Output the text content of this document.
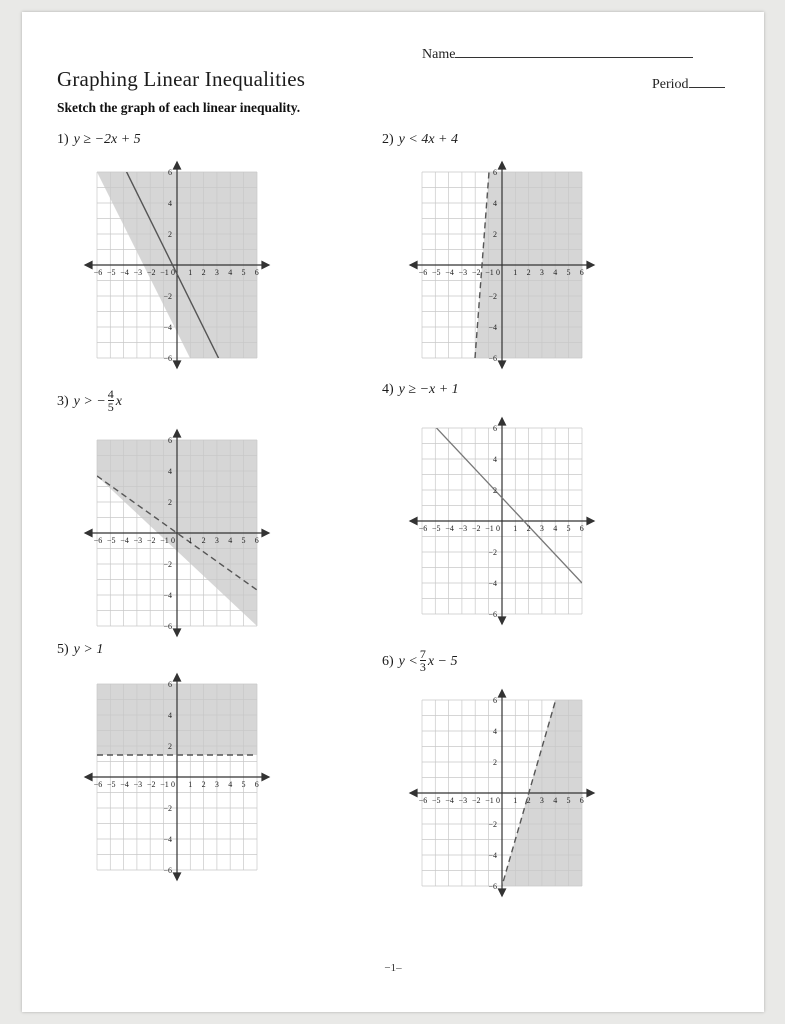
Name
Period
Graphing Linear Inequalities
Sketch the graph of each linear inequality.
1) y ≥ −2x + 5
−6 −5 −4 −3 −2 −1 0 1 2 3 4 5 6
6
4
2
−2
−4
−6
2) y < 4x + 4
−6 −5 −4 −3 −2 −1 0 1 2 3 4 5 6
6
4
2
−2
−4
−6
3) y > − $\frac{4}{5}$ x
−6 −5 −4 −3 −2 −1 0 1 2 3 4 5 6
6
4
2
−2
−4
−6
4) y ≥ −x + 1
−6 −5 −4 −3 −2 −1 0 1 2 3 4 5 6
6
4
2
−2
−4
−6
5) y > 1
−6 −5 −4 −3 −2 −1 0 1 2 3 4 5 6
6
4
2
−2
−4
−6
6) $y < \frac{7}{3}$ x − 5
−6 −5 −4 −3 −2 −1 0 1 2 3 4 5 6
6
4
2
−2
−4
−6
−1–
